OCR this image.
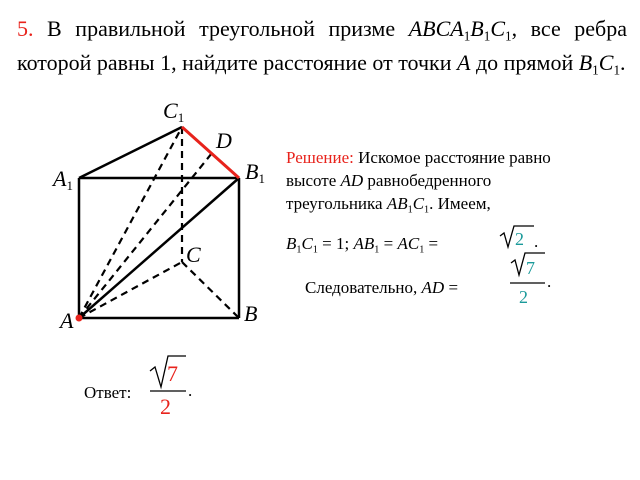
5. В правильной треугольной призме $ABCA_1B_1C_1$, все ребра которой равны 1, найдите расстояние от точки A до прямой $B_1C_1$.
C1
D
A1
B1
C
A	B
2 .
7
2
.
7
2
.
Решение: Искомое расстояние равно высоте AD равнобедренного треугольника $AB_1C_1$. Имеем,
$B_1C_1 = 1$; $AB_1 = AC_1$ =
Следовательно, AD =
Ответ:
